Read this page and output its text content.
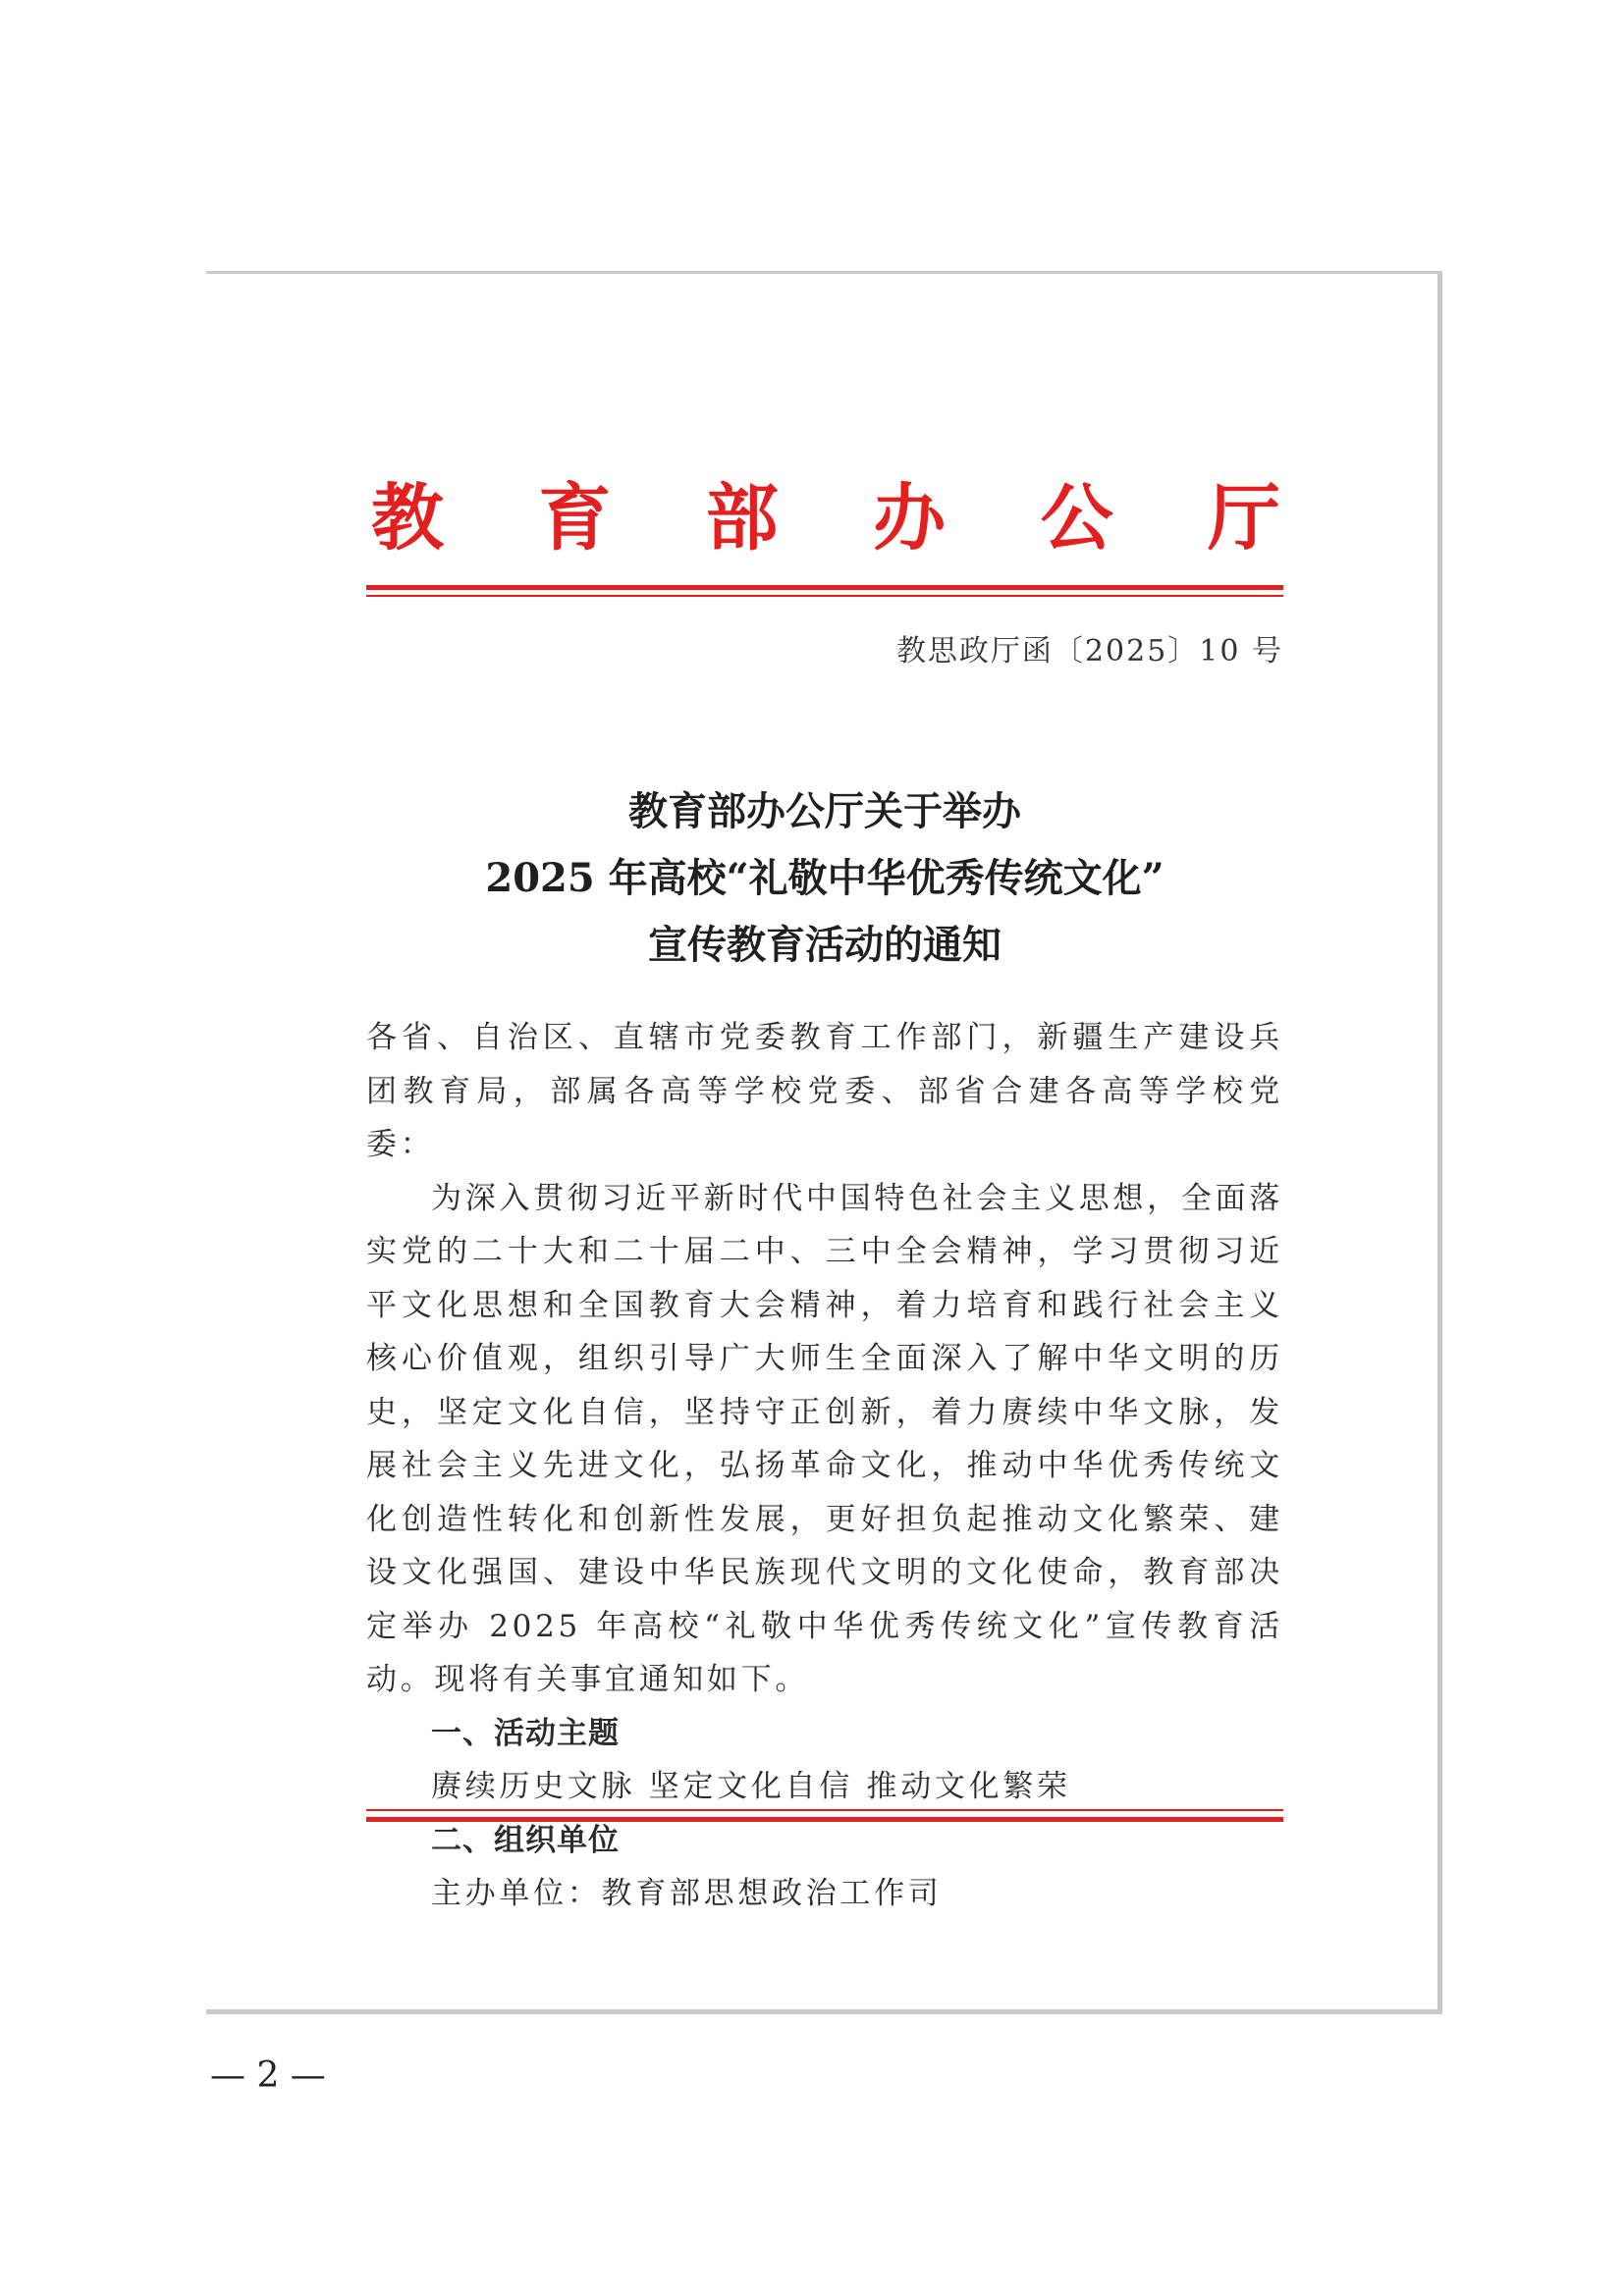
教 育 部 办 公 厅
教思政厅函〔2025〕10 号
教育部办公厅关于举办
2025 年高校“礼敬中华优秀传统文化”
宣传教育活动的通知

各省、自治区、直辖市党委教育工作部门，新疆生产建设兵团教育局，部属各高等学校党委、部省合建各高等学校党委：

为深入贯彻习近平新时代中国特色社会主义思想，全面落实党的二十大和二十届二中、三中全会精神，学习贯彻习近平文化思想和全国教育大会精神，着力培育和践行社会主义核心价值观，组织引导广大师生全面深入了解中华文明的历史，坚定文化自信，坚持守正创新，着力赓续中华文脉，发展社会主义先进文化，弘扬革命文化，推动中华优秀传统文化创造性转化和创新性发展，更好担负起推动文化繁荣、建设文化强国、建设中华民族现代文明的文化使命，教育部决定举办 2025 年高校“礼敬中华优秀传统文化”宣传教育活动。现将有关事宜通知如下。

一、活动主题
赓续历史文脉 坚定文化自信 推动文化繁荣
二、组织单位
主办单位：教育部思想政治工作司
— 2 —
